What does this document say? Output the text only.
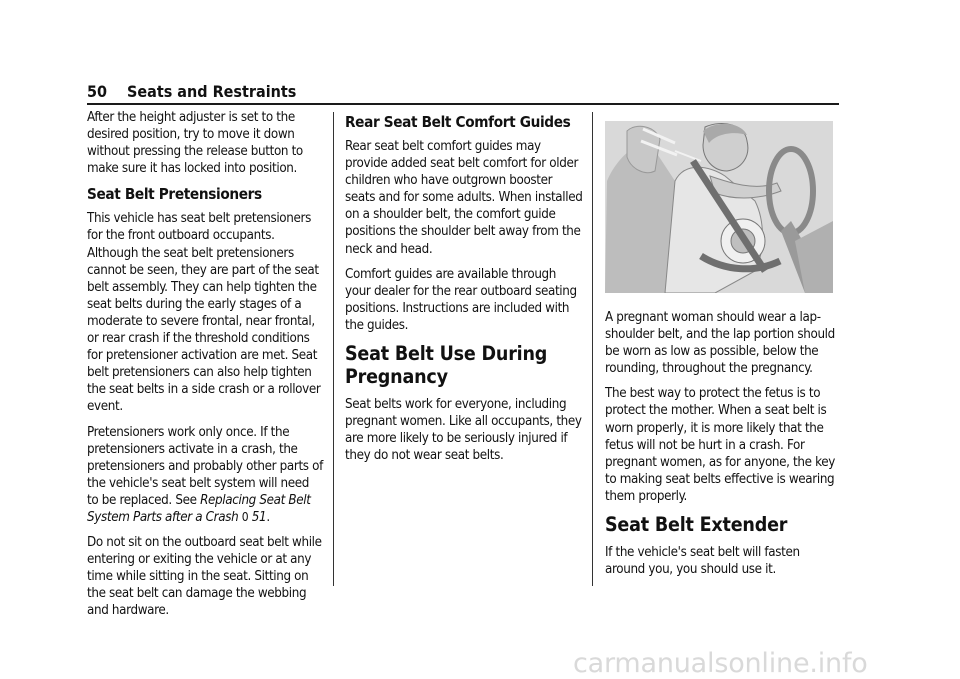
50 Seats and Restraints

After the height adjuster is set to the desired position, try to move it down without pressing the release button to make sure it has locked into position.

Seat Belt Pretensioners

This vehicle has seat belt pretensioners for the front outboard occupants. Although the seat belt pretensioners cannot be seen, they are part of the seat belt assembly. They can help tighten the seat belts during the early stages of a moderate to severe frontal, near frontal, or rear crash if the threshold conditions for pretensioner activation are met. Seat belt pretensioners can also help tighten the seat belts in a side crash or a rollover event.

Pretensioners work only once. If the pretensioners activate in a crash, the pretensioners and probably other parts of the vehicle's seat belt system will need to be replaced. See Replacing Seat Belt System Parts after a Crash 0 51.

Do not sit on the outboard seat belt while entering or exiting the vehicle or at any time while sitting in the seat. Sitting on the seat belt can damage the webbing and hardware.

Rear Seat Belt Comfort Guides

Rear seat belt comfort guides may provide added seat belt comfort for older children who have outgrown booster seats and for some adults. When installed on a shoulder belt, the comfort guide positions the shoulder belt away from the neck and head.

Comfort guides are available through your dealer for the rear outboard seating positions. Instructions are included with the guides.

Seat Belt Use During Pregnancy

Seat belts work for everyone, including pregnant women. Like all occupants, they are more likely to be seriously injured if they do not wear seat belts.

A pregnant woman should wear a lap-shoulder belt, and the lap portion should be worn as low as possible, below the rounding, throughout the pregnancy.

The best way to protect the fetus is to protect the mother. When a seat belt is worn properly, it is more likely that the fetus will not be hurt in a crash. For pregnant women, as for anyone, the key to making seat belts effective is wearing them properly.

Seat Belt Extender

If the vehicle's seat belt will fasten around you, you should use it.

carmanualsonline.info
